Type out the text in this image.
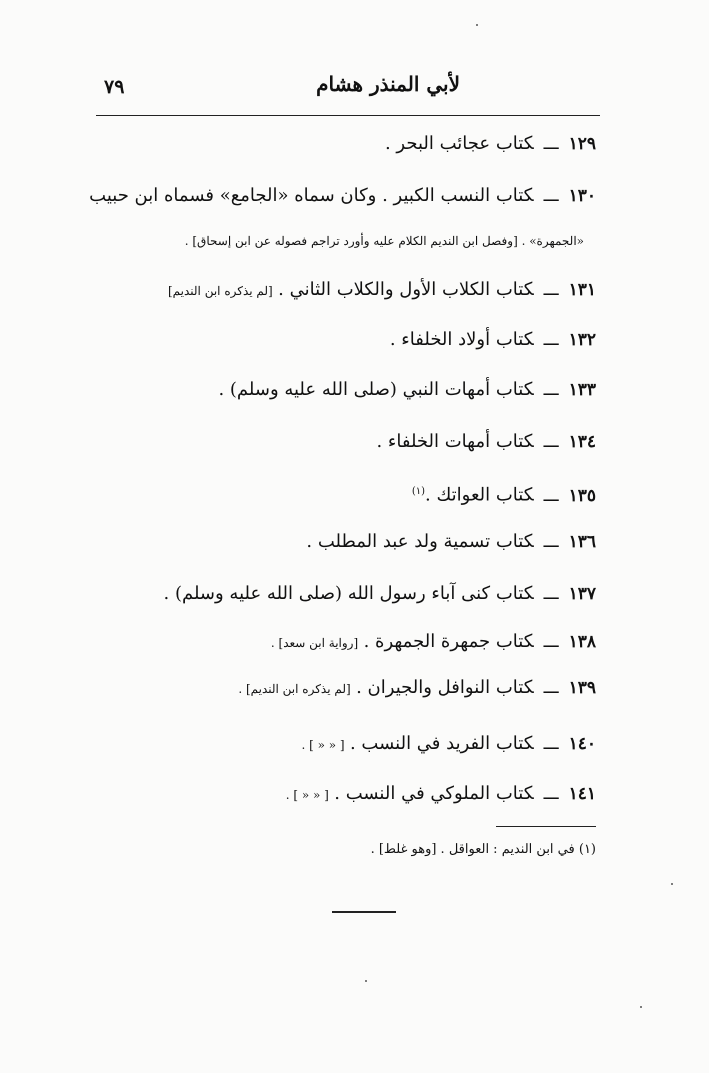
لأبي المنذر هشام
٧٩
١٢٩ـــكتاب عجائب البحر .
١٣٠ـــكتاب النسب الكبير . وكان سماه «الجامع» فسماه ابن حبيب
«الجمهرة» . [وفصل ابن النديم الكلام عليه وأورد تراجم فصوله عن ابن إسحاق] .
١٣١ـــكتاب الكلاب الأول والكلاب الثاني . [لم يذكره ابن النديم]
١٣٢ـــكتاب أولاد الخلفاء .
١٣٣ـــكتاب أمهات النبي (صلى الله عليه وسلم) .
١٣٤ـــكتاب أمهات الخلفاء .
١٣٥ـــكتاب العواتك .$^{(١)}$
١٣٦ـــكتاب تسمية ولد عبد المطلب .
١٣٧ـــكتاب كنى آباء رسول الله (صلى الله عليه وسلم) .
١٣٨ـــكتاب جمهرة الجمهرة . [رواية ابن سعد] .
١٣٩ـــكتاب النوافل والجيران . [لم يذكره ابن النديم] .
١٤٠ـــكتاب الفريد في النسب . [ « « ] .
١٤١ـــكتاب الملوكي في النسب . [ « « ] .
(١) في ابن النديم : العواقل . [وهو غلط] .
